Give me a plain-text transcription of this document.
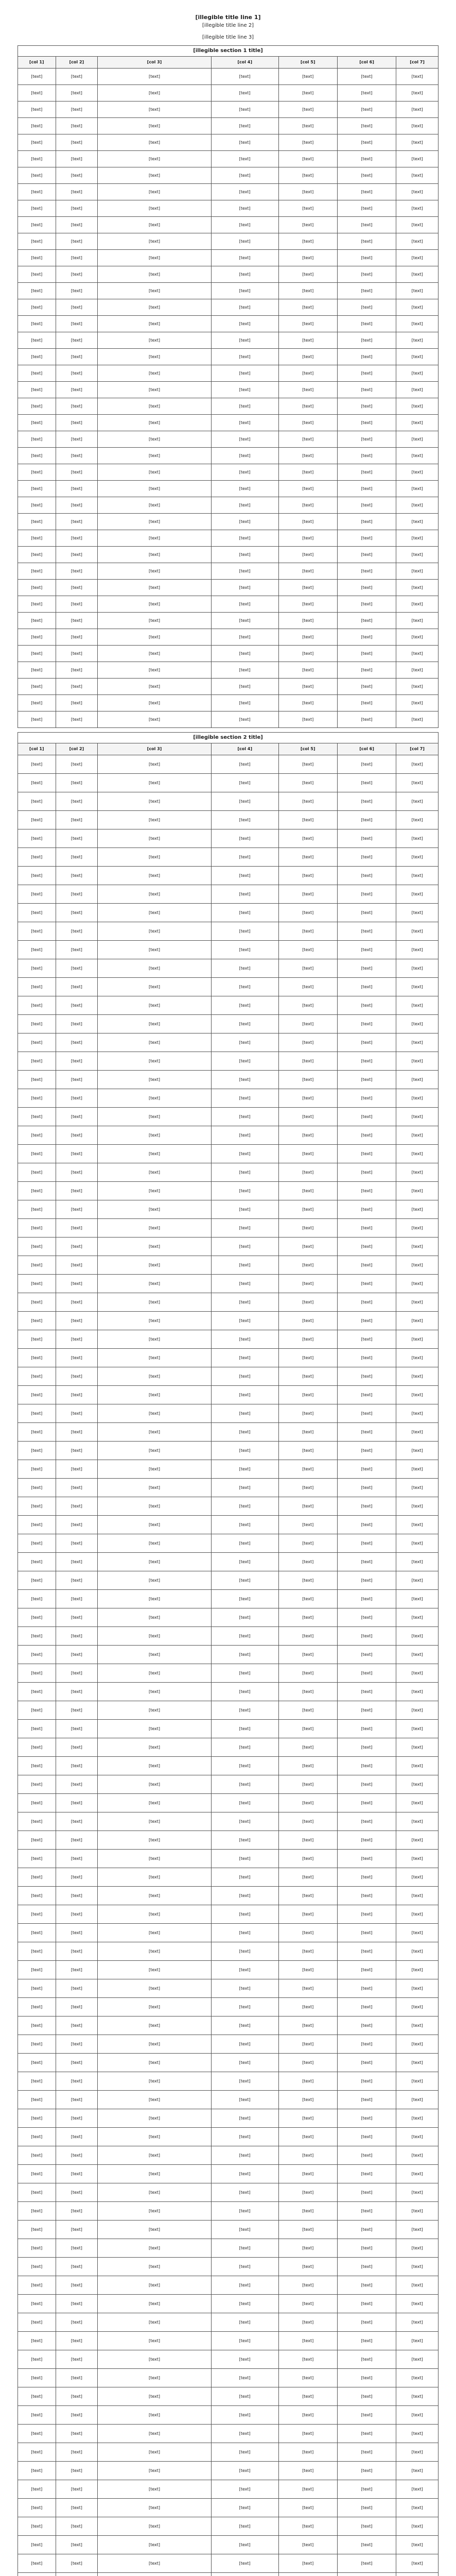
[illegible title line 1]
[illegible title line 2]
[illegible title line 3]
[illegible section 1 title]
[col 1]	[col 2]	[col 3]	[col 4]	[col 5]	[col 6]	[col 7]
[text]	[text]	[text]	[text]	[text]	[text]	[text]
[text]	[text]	[text]	[text]	[text]	[text]	[text]
[text]	[text]	[text]	[text]	[text]	[text]	[text]
[text]	[text]	[text]	[text]	[text]	[text]	[text]
[text]	[text]	[text]	[text]	[text]	[text]	[text]
[text]	[text]	[text]	[text]	[text]	[text]	[text]
[text]	[text]	[text]	[text]	[text]	[text]	[text]
[text]	[text]	[text]	[text]	[text]	[text]	[text]
[text]	[text]	[text]	[text]	[text]	[text]	[text]
[text]	[text]	[text]	[text]	[text]	[text]	[text]
[text]	[text]	[text]	[text]	[text]	[text]	[text]
[text]	[text]	[text]	[text]	[text]	[text]	[text]
[text]	[text]	[text]	[text]	[text]	[text]	[text]
[text]	[text]	[text]	[text]	[text]	[text]	[text]
[text]	[text]	[text]	[text]	[text]	[text]	[text]
[text]	[text]	[text]	[text]	[text]	[text]	[text]
[text]	[text]	[text]	[text]	[text]	[text]	[text]
[text]	[text]	[text]	[text]	[text]	[text]	[text]
[text]	[text]	[text]	[text]	[text]	[text]	[text]
[text]	[text]	[text]	[text]	[text]	[text]	[text]
[text]	[text]	[text]	[text]	[text]	[text]	[text]
[text]	[text]	[text]	[text]	[text]	[text]	[text]
[text]	[text]	[text]	[text]	[text]	[text]	[text]
[text]	[text]	[text]	[text]	[text]	[text]	[text]
[text]	[text]	[text]	[text]	[text]	[text]	[text]
[text]	[text]	[text]	[text]	[text]	[text]	[text]
[text]	[text]	[text]	[text]	[text]	[text]	[text]
[text]	[text]	[text]	[text]	[text]	[text]	[text]
[text]	[text]	[text]	[text]	[text]	[text]	[text]
[text]	[text]	[text]	[text]	[text]	[text]	[text]
[text]	[text]	[text]	[text]	[text]	[text]	[text]
[text]	[text]	[text]	[text]	[text]	[text]	[text]
[text]	[text]	[text]	[text]	[text]	[text]	[text]
[text]	[text]	[text]	[text]	[text]	[text]	[text]
[text]	[text]	[text]	[text]	[text]	[text]	[text]
[text]	[text]	[text]	[text]	[text]	[text]	[text]
[text]	[text]	[text]	[text]	[text]	[text]	[text]
[text]	[text]	[text]	[text]	[text]	[text]	[text]
[text]	[text]	[text]	[text]	[text]	[text]	[text]
[text]	[text]	[text]	[text]	[text]	[text]	[text]
[illegible section 2 title]
[col 1]	[col 2]	[col 3]	[col 4]	[col 5]	[col 6]	[col 7]
[text]	[text]	[text]	[text]	[text]	[text]	[text]
[text]	[text]	[text]	[text]	[text]	[text]	[text]
[text]	[text]	[text]	[text]	[text]	[text]	[text]
[text]	[text]	[text]	[text]	[text]	[text]	[text]
[text]	[text]	[text]	[text]	[text]	[text]	[text]
[text]	[text]	[text]	[text]	[text]	[text]	[text]
[text]	[text]	[text]	[text]	[text]	[text]	[text]
[text]	[text]	[text]	[text]	[text]	[text]	[text]
[text]	[text]	[text]	[text]	[text]	[text]	[text]
[text]	[text]	[text]	[text]	[text]	[text]	[text]
[text]	[text]	[text]	[text]	[text]	[text]	[text]
[text]	[text]	[text]	[text]	[text]	[text]	[text]
[text]	[text]	[text]	[text]	[text]	[text]	[text]
[text]	[text]	[text]	[text]	[text]	[text]	[text]
[text]	[text]	[text]	[text]	[text]	[text]	[text]
[text]	[text]	[text]	[text]	[text]	[text]	[text]
[text]	[text]	[text]	[text]	[text]	[text]	[text]
[text]	[text]	[text]	[text]	[text]	[text]	[text]
[text]	[text]	[text]	[text]	[text]	[text]	[text]
[text]	[text]	[text]	[text]	[text]	[text]	[text]
[text]	[text]	[text]	[text]	[text]	[text]	[text]
[text]	[text]	[text]	[text]	[text]	[text]	[text]
[text]	[text]	[text]	[text]	[text]	[text]	[text]
[text]	[text]	[text]	[text]	[text]	[text]	[text]
[text]	[text]	[text]	[text]	[text]	[text]	[text]
[text]	[text]	[text]	[text]	[text]	[text]	[text]
[text]	[text]	[text]	[text]	[text]	[text]	[text]
[text]	[text]	[text]	[text]	[text]	[text]	[text]
[text]	[text]	[text]	[text]	[text]	[text]	[text]
[text]	[text]	[text]	[text]	[text]	[text]	[text]
[text]	[text]	[text]	[text]	[text]	[text]	[text]
[text]	[text]	[text]	[text]	[text]	[text]	[text]
[text]	[text]	[text]	[text]	[text]	[text]	[text]
[text]	[text]	[text]	[text]	[text]	[text]	[text]
[text]	[text]	[text]	[text]	[text]	[text]	[text]
[text]	[text]	[text]	[text]	[text]	[text]	[text]
[text]	[text]	[text]	[text]	[text]	[text]	[text]
[text]	[text]	[text]	[text]	[text]	[text]	[text]
[text]	[text]	[text]	[text]	[text]	[text]	[text]
[text]	[text]	[text]	[text]	[text]	[text]	[text]
[text]	[text]	[text]	[text]	[text]	[text]	[text]
[text]	[text]	[text]	[text]	[text]	[text]	[text]
[text]	[text]	[text]	[text]	[text]	[text]	[text]
[text]	[text]	[text]	[text]	[text]	[text]	[text]
[text]	[text]	[text]	[text]	[text]	[text]	[text]
[text]	[text]	[text]	[text]	[text]	[text]	[text]
[text]	[text]	[text]	[text]	[text]	[text]	[text]
[text]	[text]	[text]	[text]	[text]	[text]	[text]
[text]	[text]	[text]	[text]	[text]	[text]	[text]
[text]	[text]	[text]	[text]	[text]	[text]	[text]
[text]	[text]	[text]	[text]	[text]	[text]	[text]
[text]	[text]	[text]	[text]	[text]	[text]	[text]
[text]	[text]	[text]	[text]	[text]	[text]	[text]
[text]	[text]	[text]	[text]	[text]	[text]	[text]
[text]	[text]	[text]	[text]	[text]	[text]	[text]
[text]	[text]	[text]	[text]	[text]	[text]	[text]
[text]	[text]	[text]	[text]	[text]	[text]	[text]
[text]	[text]	[text]	[text]	[text]	[text]	[text]
[text]	[text]	[text]	[text]	[text]	[text]	[text]
[text]	[text]	[text]	[text]	[text]	[text]	[text]
[text]	[text]	[text]	[text]	[text]	[text]	[text]
[text]	[text]	[text]	[text]	[text]	[text]	[text]
[text]	[text]	[text]	[text]	[text]	[text]	[text]
[text]	[text]	[text]	[text]	[text]	[text]	[text]
[text]	[text]	[text]	[text]	[text]	[text]	[text]
[text]	[text]	[text]	[text]	[text]	[text]	[text]
[text]	[text]	[text]	[text]	[text]	[text]	[text]
[text]	[text]	[text]	[text]	[text]	[text]	[text]
[text]	[text]	[text]	[text]	[text]	[text]	[text]
[text]	[text]	[text]	[text]	[text]	[text]	[text]
[text]	[text]	[text]	[text]	[text]	[text]	[text]
[text]	[text]	[text]	[text]	[text]	[text]	[text]
[text]	[text]	[text]	[text]	[text]	[text]	[text]
[text]	[text]	[text]	[text]	[text]	[text]	[text]
[text]	[text]	[text]	[text]	[text]	[text]	[text]
[text]	[text]	[text]	[text]	[text]	[text]	[text]
[text]	[text]	[text]	[text]	[text]	[text]	[text]
[text]	[text]	[text]	[text]	[text]	[text]	[text]
[text]	[text]	[text]	[text]	[text]	[text]	[text]
[text]	[text]	[text]	[text]	[text]	[text]	[text]
[text]	[text]	[text]	[text]	[text]	[text]	[text]
[text]	[text]	[text]	[text]	[text]	[text]	[text]
[text]	[text]	[text]	[text]	[text]	[text]	[text]
[text]	[text]	[text]	[text]	[text]	[text]	[text]
[text]	[text]	[text]	[text]	[text]	[text]	[text]
[text]	[text]	[text]	[text]	[text]	[text]	[text]
[text]	[text]	[text]	[text]	[text]	[text]	[text]
[text]	[text]	[text]	[text]	[text]	[text]	[text]
[text]	[text]	[text]	[text]	[text]	[text]	[text]
[text]	[text]	[text]	[text]	[text]	[text]	[text]
[text]	[text]	[text]	[text]	[text]	[text]	[text]
[text]	[text]	[text]	[text]	[text]	[text]	[text]
[text]	[text]	[text]	[text]	[text]	[text]	[text]
[text]	[text]	[text]	[text]	[text]	[text]	[text]
[text]	[text]	[text]	[text]	[text]	[text]	[text]
[text]	[text]	[text]	[text]	[text]	[text]	[text]
[text]	[text]	[text]	[text]	[text]	[text]	[text]
[text]	[text]	[text]	[text]	[text]	[text]	[text]
